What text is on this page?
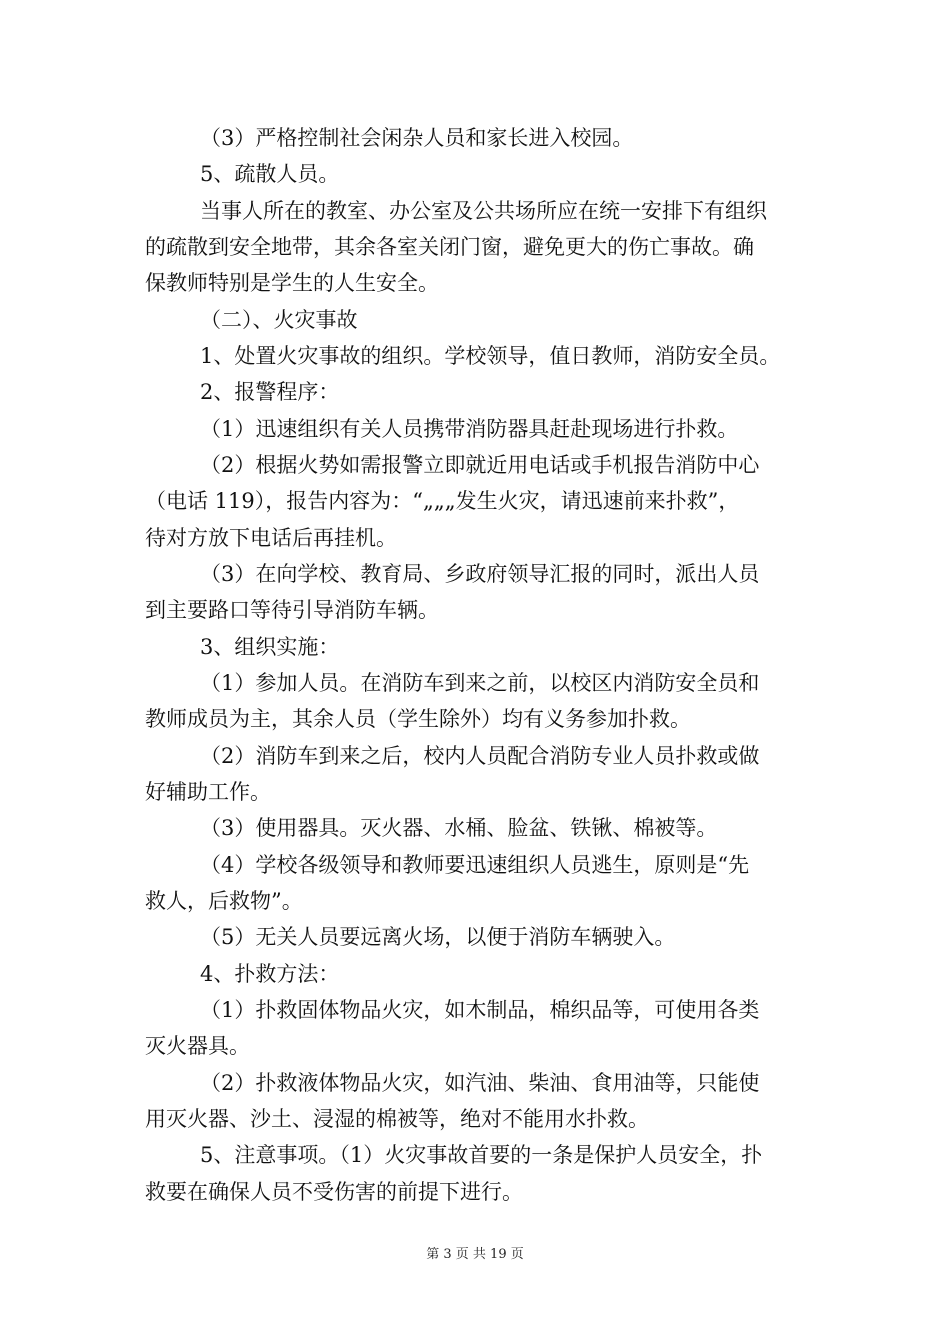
（3）严格控制社会闲杂人员和家长进入校园。
5、疏散人员。
当事人所在的教室、办公室及公共场所应在统一安排下有组织
的疏散到安全地带，其余各室关闭门窗，避免更大的伤亡事故。确
保教师特别是学生的人生安全。
（二）、火灾事故
1、处置火灾事故的组织。学校领导，值日教师，消防安全员。
2、报警程序：
（1）迅速组织有关人员携带消防器具赶赴现场进行扑救。
（2）根据火势如需报警立即就近用电话或手机报告消防中心
（电话 119），报告内容为：“„„„发生火灾，请迅速前来扑救”，
待对方放下电话后再挂机。
（3）在向学校、教育局、乡政府领导汇报的同时，派出人员
到主要路口等待引导消防车辆。
3、组织实施：
（1）参加人员。在消防车到来之前，以校区内消防安全员和
教师成员为主，其余人员（学生除外）均有义务参加扑救。
（2）消防车到来之后，校内人员配合消防专业人员扑救或做
好辅助工作。
（3）使用器具。灭火器、水桶、脸盆、铁锹、棉被等。
（4）学校各级领导和教师要迅速组织人员逃生，原则是“先
救人，后救物”。
（5）无关人员要远离火场，以便于消防车辆驶入。
4、扑救方法：
（1）扑救固体物品火灾，如木制品，棉织品等，可使用各类
灭火器具。
（2）扑救液体物品火灾，如汽油、柴油、食用油等，只能使
用灭火器、沙土、浸湿的棉被等，绝对不能用水扑救。
5、注意事项。（1）火灾事故首要的一条是保护人员安全，扑
救要在确保人员不受伤害的前提下进行。
第 3 页 共 19 页
